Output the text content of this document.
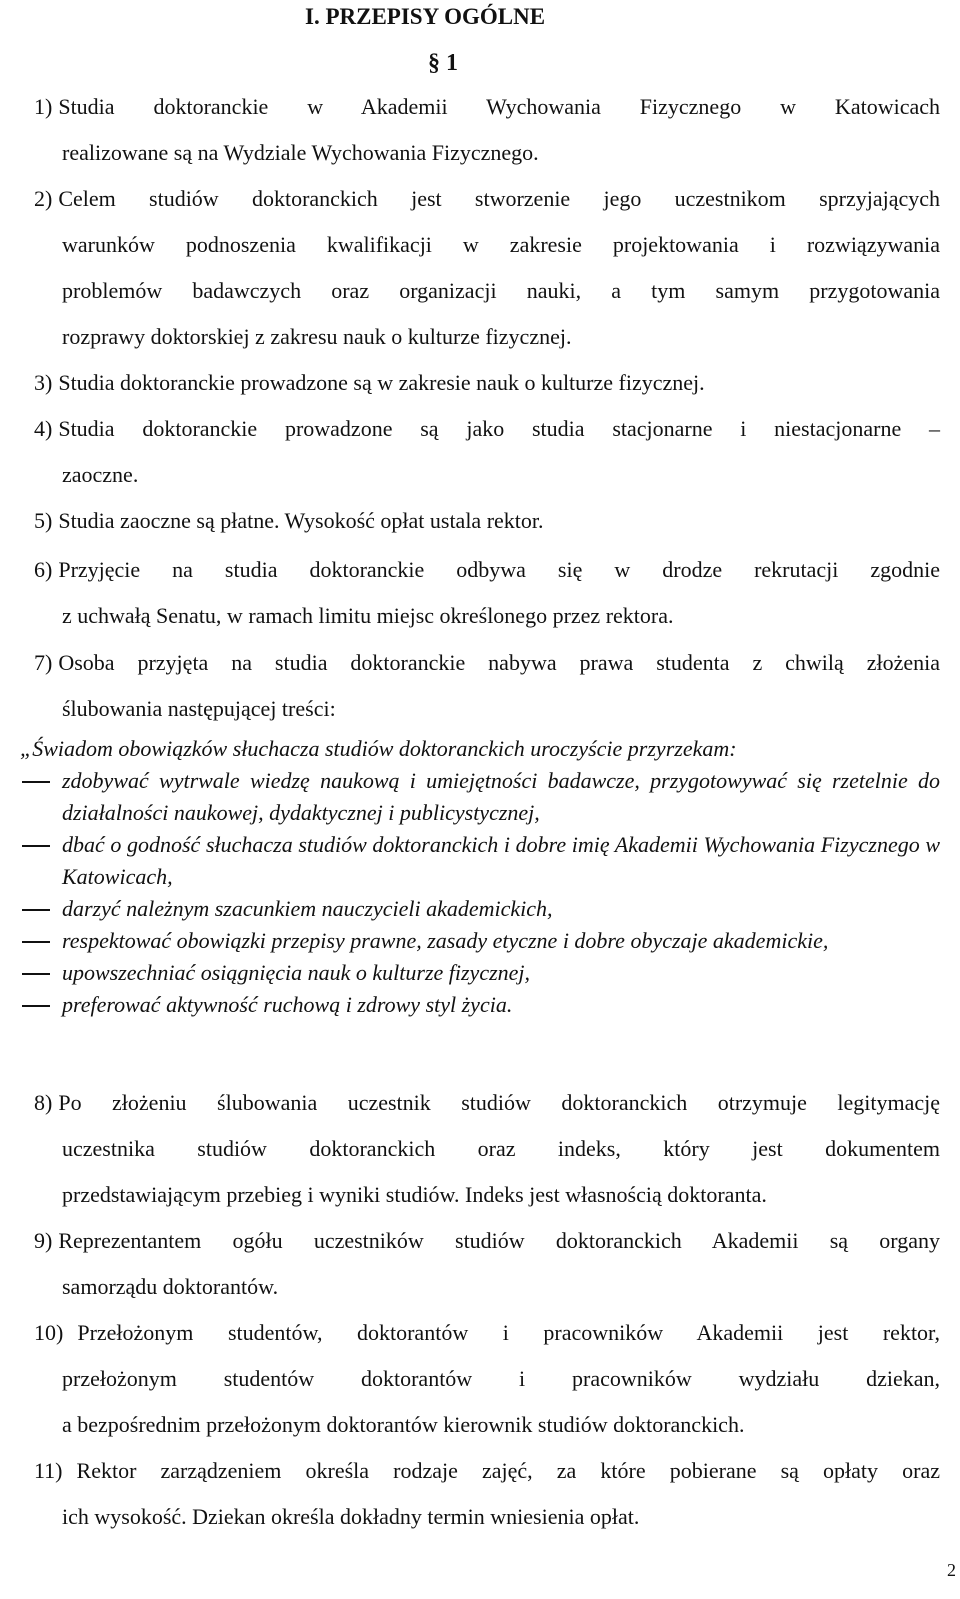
I. PRZEPISY OGÓLNE
§ 1
1) Studia doktoranckie w Akademii Wychowania Fizycznego w Katowicach
realizowane są na Wydziale Wychowania Fizycznego.
2) Celem studiów doktoranckich jest stworzenie jego uczestnikom sprzyjających
warunków podnoszenia kwalifikacji w zakresie projektowania i rozwiązywania
problemów badawczych oraz organizacji nauki, a tym samym przygotowania
rozprawy doktorskiej z zakresu nauk o kulturze fizycznej.
3) Studia doktoranckie prowadzone są w zakresie nauk o kulturze fizycznej.
4) Studia doktoranckie prowadzone są jako studia stacjonarne i niestacjonarne –
zaoczne.
5) Studia zaoczne są płatne. Wysokość opłat ustala rektor.
6) Przyjęcie na studia doktoranckie odbywa się w drodze rekrutacji zgodnie
z uchwałą Senatu, w ramach limitu miejsc określonego przez rektora.
7) Osoba przyjęta na studia doktoranckie nabywa prawa studenta z chwilą złożenia
ślubowania następującej treści:
„Świadom obowiązków słuchacza studiów doktoranckich uroczyście przyrzekam:
zdobywać wytrwale wiedzę naukową i umiejętności badawcze, przygotowywać się rzetelnie do działalności naukowej, dydaktycznej i publicystycznej,
dbać o godność słuchacza studiów doktoranckich i dobre imię Akademii Wychowania Fizycznego w Katowicach,
darzyć należnym szacunkiem nauczycieli akademickich,
respektować obowiązki przepisy prawne, zasady etyczne i dobre obyczaje akademickie,
upowszechniać osiągnięcia nauk o kulturze fizycznej,
preferować aktywność ruchową i zdrowy styl życia.
8) Po złożeniu ślubowania uczestnik studiów doktoranckich otrzymuje legitymację
uczestnika studiów doktoranckich oraz indeks, który jest dokumentem
przedstawiającym przebieg i wyniki studiów. Indeks jest własnością doktoranta.
9) Reprezentantem ogółu uczestników studiów doktoranckich Akademii są organy
samorządu doktorantów.
10) Przełożonym studentów, doktorantów i pracowników Akademii jest rektor,
przełożonym studentów doktorantów i pracowników wydziału dziekan,
a bezpośrednim przełożonym doktorantów kierownik studiów doktoranckich.
11) Rektor zarządzeniem określa rodzaje zajęć, za które pobierane są opłaty oraz
ich wysokość. Dziekan określa dokładny termin wniesienia opłat.
2
